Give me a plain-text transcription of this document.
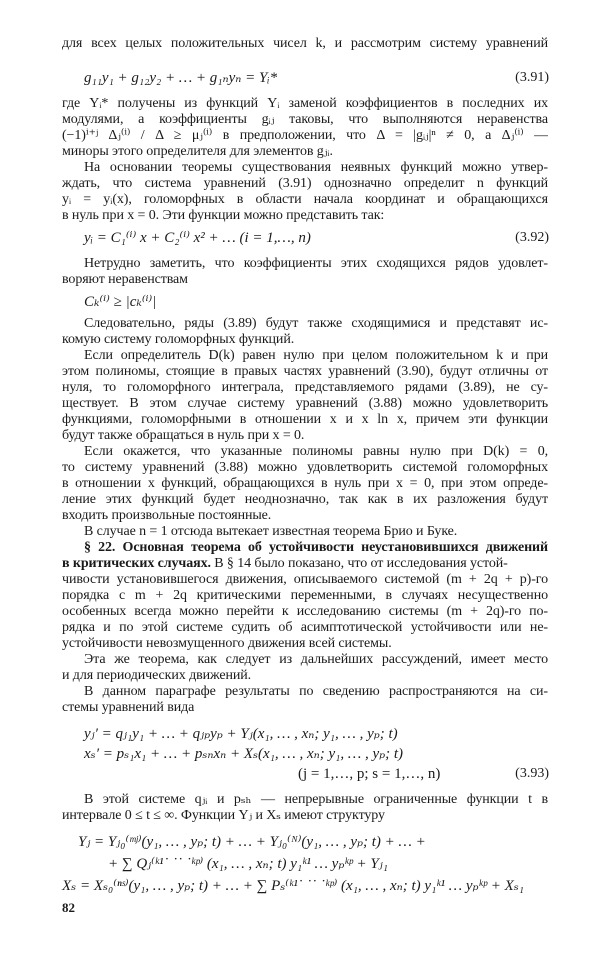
для всех целых положительных чисел k, и рассмотрим систему уравнений
g₁₁y₁ + g₁₂y₂ + … + g₁ₙyₙ = Yᵢ*	(3.91)
где Yᵢ* получены из функций Yᵢ заменой коэффициентов в последних их
модулями, а коэффициенты gᵢⱼ таковы, что выполняются неравенства
(−1)ⁱ⁺ʲ Δⱼ⁽ⁱ⁾ / Δ ≥ μⱼ⁽ⁱ⁾ в предположении, что Δ = |gᵢⱼ|ⁿ ≠ 0, а Δⱼ⁽ⁱ⁾ —
миноры этого определителя для элементов gⱼᵢ.
На основании теоремы существования неявных функций можно утвер-
ждать, что система уравнений (3.91) однозначно определит n функций
yᵢ = yᵢ(x), голоморфных в области начала координат и обращающихся
в нуль при x = 0. Эти функции можно представить так:
yᵢ = C₁⁽ⁱ⁾ x + C₂⁽ⁱ⁾ x² + … (i = 1,…, n)	(3.92)
Нетрудно заметить, что коэффициенты этих сходящихся рядов удовлет-
воряют неравенствам
Cₖ⁽ⁱ⁾ ≥ |cₖ⁽ⁱ⁾|
Следовательно, ряды (3.89) будут также сходящимися и представят ис-
комую систему голоморфных функций.
Если определитель D(k) равен нулю при целом положительном k и при
этом полиномы, стоящие в правых частях уравнений (3.90), будут отличны от
нуля, то голоморфного интеграла, представляемого рядами (3.89), не су-
ществует. В этом случае систему уравнений (3.88) можно удовлетворить
функциями, голоморфными в отношении x и x ln x, причем эти функции
будут также обращаться в нуль при x = 0.
Если окажется, что указанные полиномы равны нулю при D(k) = 0,
то систему уравнений (3.88) можно удовлетворить системой голоморфных
в отношении x функций, обращающихся в нуль при x = 0, при этом опреде-
ление этих функций будет неоднозначно, так как в их разложения будут
входить произвольные постоянные.
В случае n = 1 отсюда вытекает известная теорема Брио и Буке.
§ 22. Основная теорема об устойчивости неустановившихся движений
в критических случаях. В § 14 было показано, что от исследования устой-
чивости установившегося движения, описываемого системой (m + 2q + p)-го
порядка с m + 2q критическими переменными, в случаях несущественно
особенных всегда можно перейти к исследованию системы (m + 2q)-го по-
рядка и по этой системе судить об асимптотической устойчивости или не-
устойчивости невозмущенного движения всей системы.
Эта же теорема, как следует из дальнейших рассуждений, имеет место
и для периодических движений.
В данном параграфе результаты по сведению распространяются на си-
стемы уравнений вида
yⱼ′ = qⱼ₁y₁ + … + qⱼₚyₚ + Yⱼ(x₁, … , xₙ; y₁, … , yₚ; t)
xₛ′ = pₛ₁x₁ + … + pₛₙxₙ + Xₛ(x₁, … , xₙ; y₁, … , yₚ; t)
(j = 1,…, p; s = 1,…, n)	(3.93)
В этой системе qⱼᵢ и pₛₕ — непрерывные ограниченные функции t в
интервале 0 ≤ t ≤ ∞. Функции Yⱼ и Xₛ имеют структуру
Yⱼ = Yⱼ₀⁽ᵐʲ⁾(y₁, … , yₚ; t) + … + Yⱼ₀⁽ᴺ⁾(y₁, … , yₚ; t) + … +
+ ∑ Qⱼ⁽ᵏ¹˙ ˙˙ ˙ᵏᵖ⁾ (x₁, … , xₙ; t) y₁ᵏ¹ … yₚᵏᵖ + Yⱼ₁
Xₛ = Xₛ₀⁽ⁿˢ⁾(y₁, … , yₚ; t) + … + ∑ Pₛ⁽ᵏ¹˙ ˙˙ ˙ᵏᵖ⁾ (x₁, … , xₙ; t) y₁ᵏ¹ … yₚᵏᵖ + Xₛ₁
82
